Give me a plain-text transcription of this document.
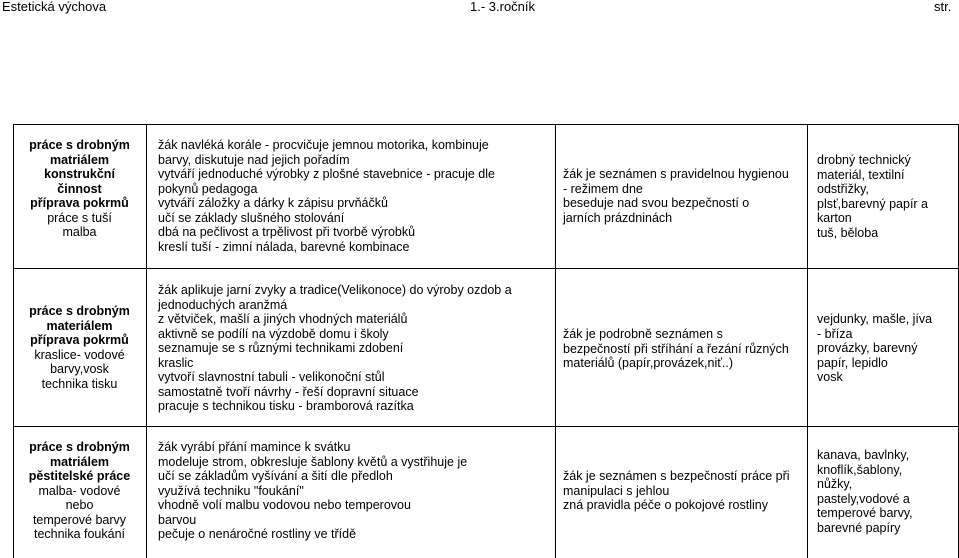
Estetická výchova	1.- 3.ročník	str.
práce s drobným
matriálem
konstrukční
činnost
příprava pokrmů
práce s tuší
malba
žák navléká korále - procvičuje jemnou motorika, kombinuje
barvy, diskutuje nad jejich pořadím
vytváří jednoduché výrobky z plošné stavebnice - pracuje dle
pokynů pedagoga
vytváří záložky a dárky k zápisu prvňáčků
učí se základy slušného stolování
dbá na pečlivost a trpělivost při tvorbě výrobků
kreslí tuší - zimní nálada, barevné kombinace
žák je seznámen s pravidelnou hygienou
- režimem dne
beseduje nad svou bezpečností o
jarních prázdninách
drobný technický
materiál, textilní
odstřižky,
plsť,barevný papír a
karton
tuš, běloba
práce s drobným
materiálem
příprava pokrmů
kraslice- vodové
barvy,vosk
technika tisku
žák aplikuje jarní zvyky a tradice(Velikonoce) do výroby ozdob a
jednoduchých aranžmá
z větviček, mašlí a jiných vhodných materiálů
aktivně se podílí na výzdobě domu i školy
seznamuje se s různými technikami zdobení
kraslic
vytvoří slavnostní tabuli - velikonoční stůl
samostatně tvoří návrhy - řeší dopravní situace
pracuje s technikou tisku - bramborová razítka
žák je podrobně seznámen s
bezpečností při stříhání a řezání různých
materiálů (papír,provázek,niť..)
vejdunky, mašle, jíva
- bříza
provázky, barevný
papír, lepidlo
vosk
práce s drobným
matriálem
pěstitelské práce
malba- vodové
nebo
temperové barvy
technika foukání
žák vyrábí přání mamince k svátku
modeluje strom, obkresluje šablony květů a vystřihuje je
učí se základům vyšívání a šití dle předloh
využívá techniku "foukání"
vhodně volí malbu vodovou nebo temperovou
barvou
pečuje o nenáročné rostliny ve třídě
žák je seznámen s bezpečností práce při
manipulaci s jehlou
zná pravidla péče o pokojové rostliny
kanava, bavlnky,
knoflík,šablony,
nůžky,
pastely,vodové a
temperové barvy,
barevné papíry
